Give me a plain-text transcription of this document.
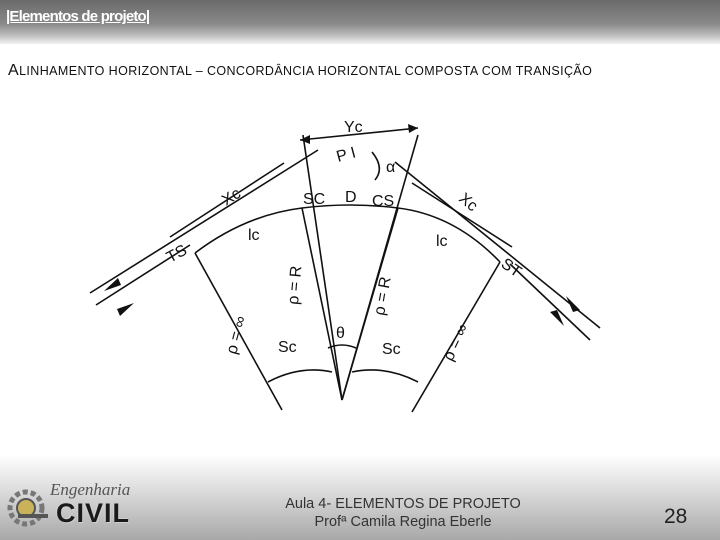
|Elementos de projeto|
ALINHAMENTO HORIZONTAL – CONCORDÂNCIA HORIZONTAL COMPOSTA COM TRANSIÇÃO
Yc
P I
α
Xc	Xc
SC D CS
TS
ST
lc	lc
ρ = R	ρ = R
ρ = ∞	ρ = ∞
θ
Sc	Sc
Engenharia
CIVIL	Aula 4- ELEMENTOS DE PROJETO
Profª Camila Regina Eberle	28
